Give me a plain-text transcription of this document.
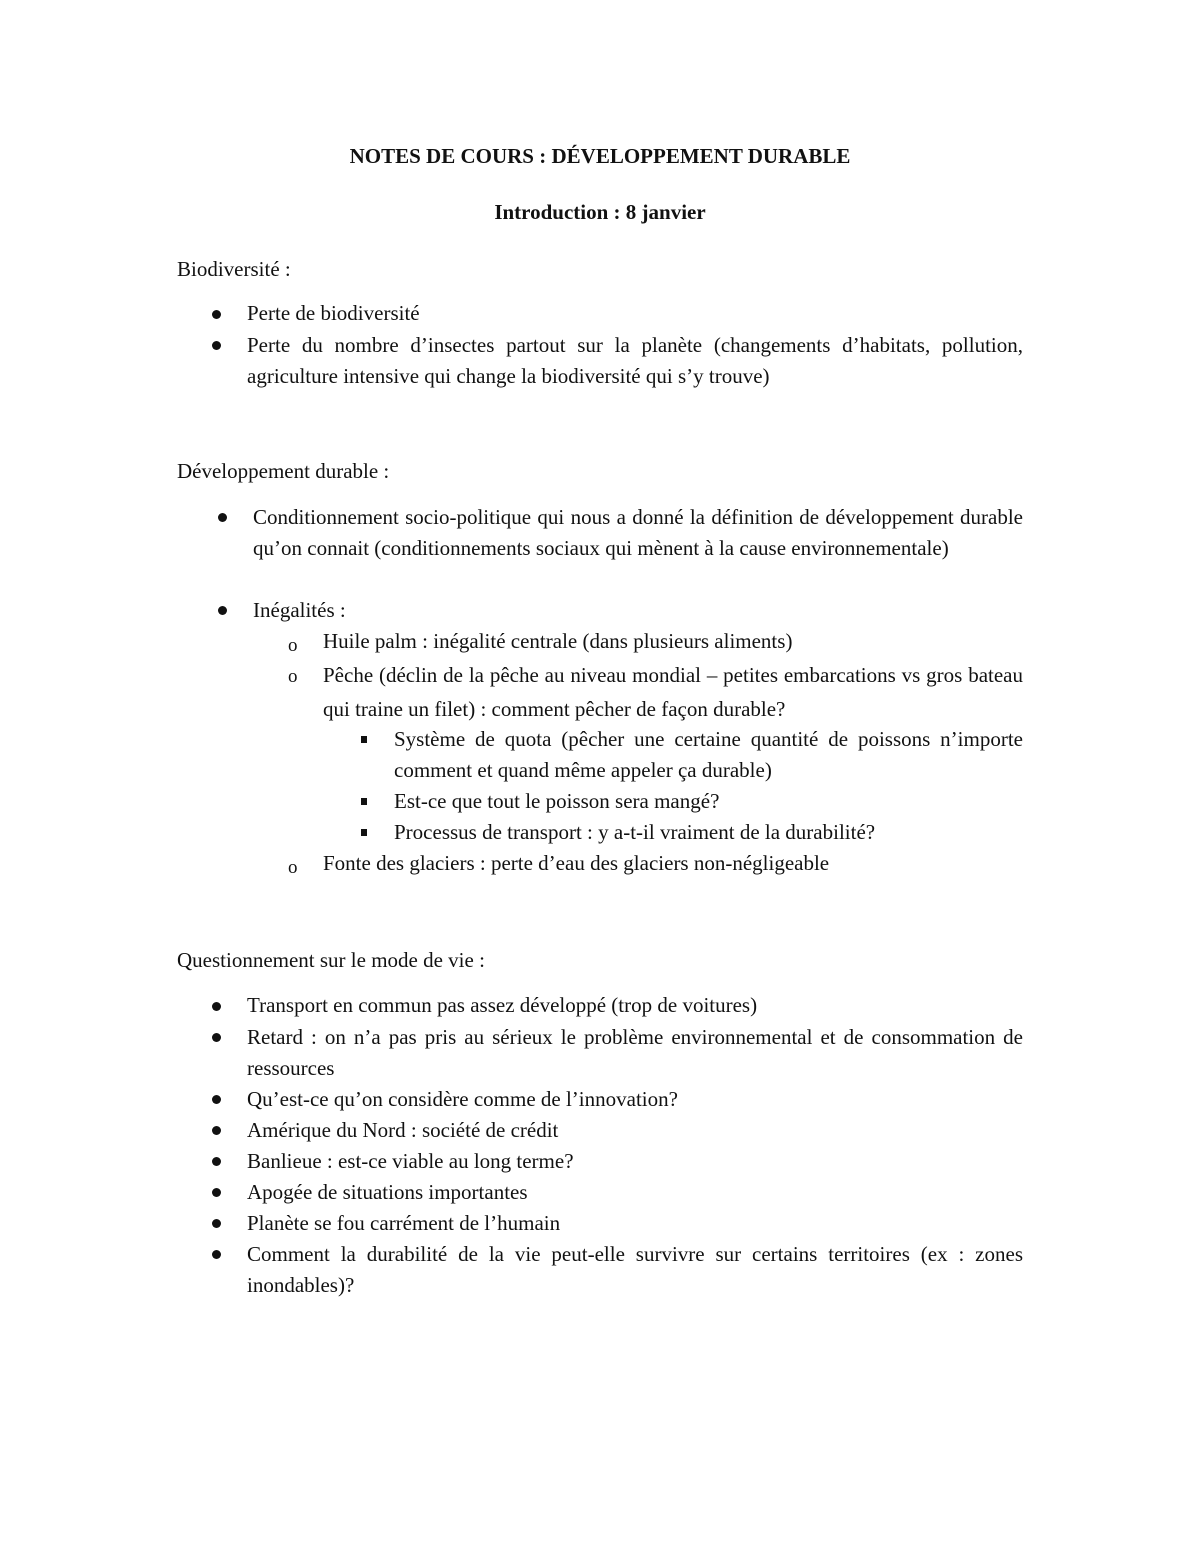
NOTES DE COURS : DÉVELOPPEMENT DURABLE
Introduction : 8 janvier
Biodiversité :
Perte de biodiversité
Perte du nombre d’insectes partout sur la planète (changements d’habitats, pollution, agriculture intensive qui change la biodiversité qui s’y trouve)
Développement durable :
Conditionnement socio-politique qui nous a donné la définition de développement durable qu’on connait (conditionnements sociaux qui mènent à la cause environnementale)
Inégalités :
o Huile palm : inégalité centrale (dans plusieurs aliments)
o Pêche (déclin de la pêche au niveau mondial – petites embarcations vs gros bateau qui traine un filet) : comment pêcher de façon durable?
Système de quota (pêcher une certaine quantité de poissons n’importe comment et quand même appeler ça durable)
Est-ce que tout le poisson sera mangé?
Processus de transport : y a-t-il vraiment de la durabilité?
o Fonte des glaciers : perte d’eau des glaciers non-négligeable
Questionnement sur le mode de vie :
Transport en commun pas assez développé (trop de voitures)
Retard : on n’a pas pris au sérieux le problème environnemental et de consommation de ressources
Qu’est-ce qu’on considère comme de l’innovation?
Amérique du Nord : société de crédit
Banlieue : est-ce viable au long terme?
Apogée de situations importantes
Planète se fou carrément de l’humain
Comment la durabilité de la vie peut-elle survivre sur certains territoires (ex : zones inondables)?
